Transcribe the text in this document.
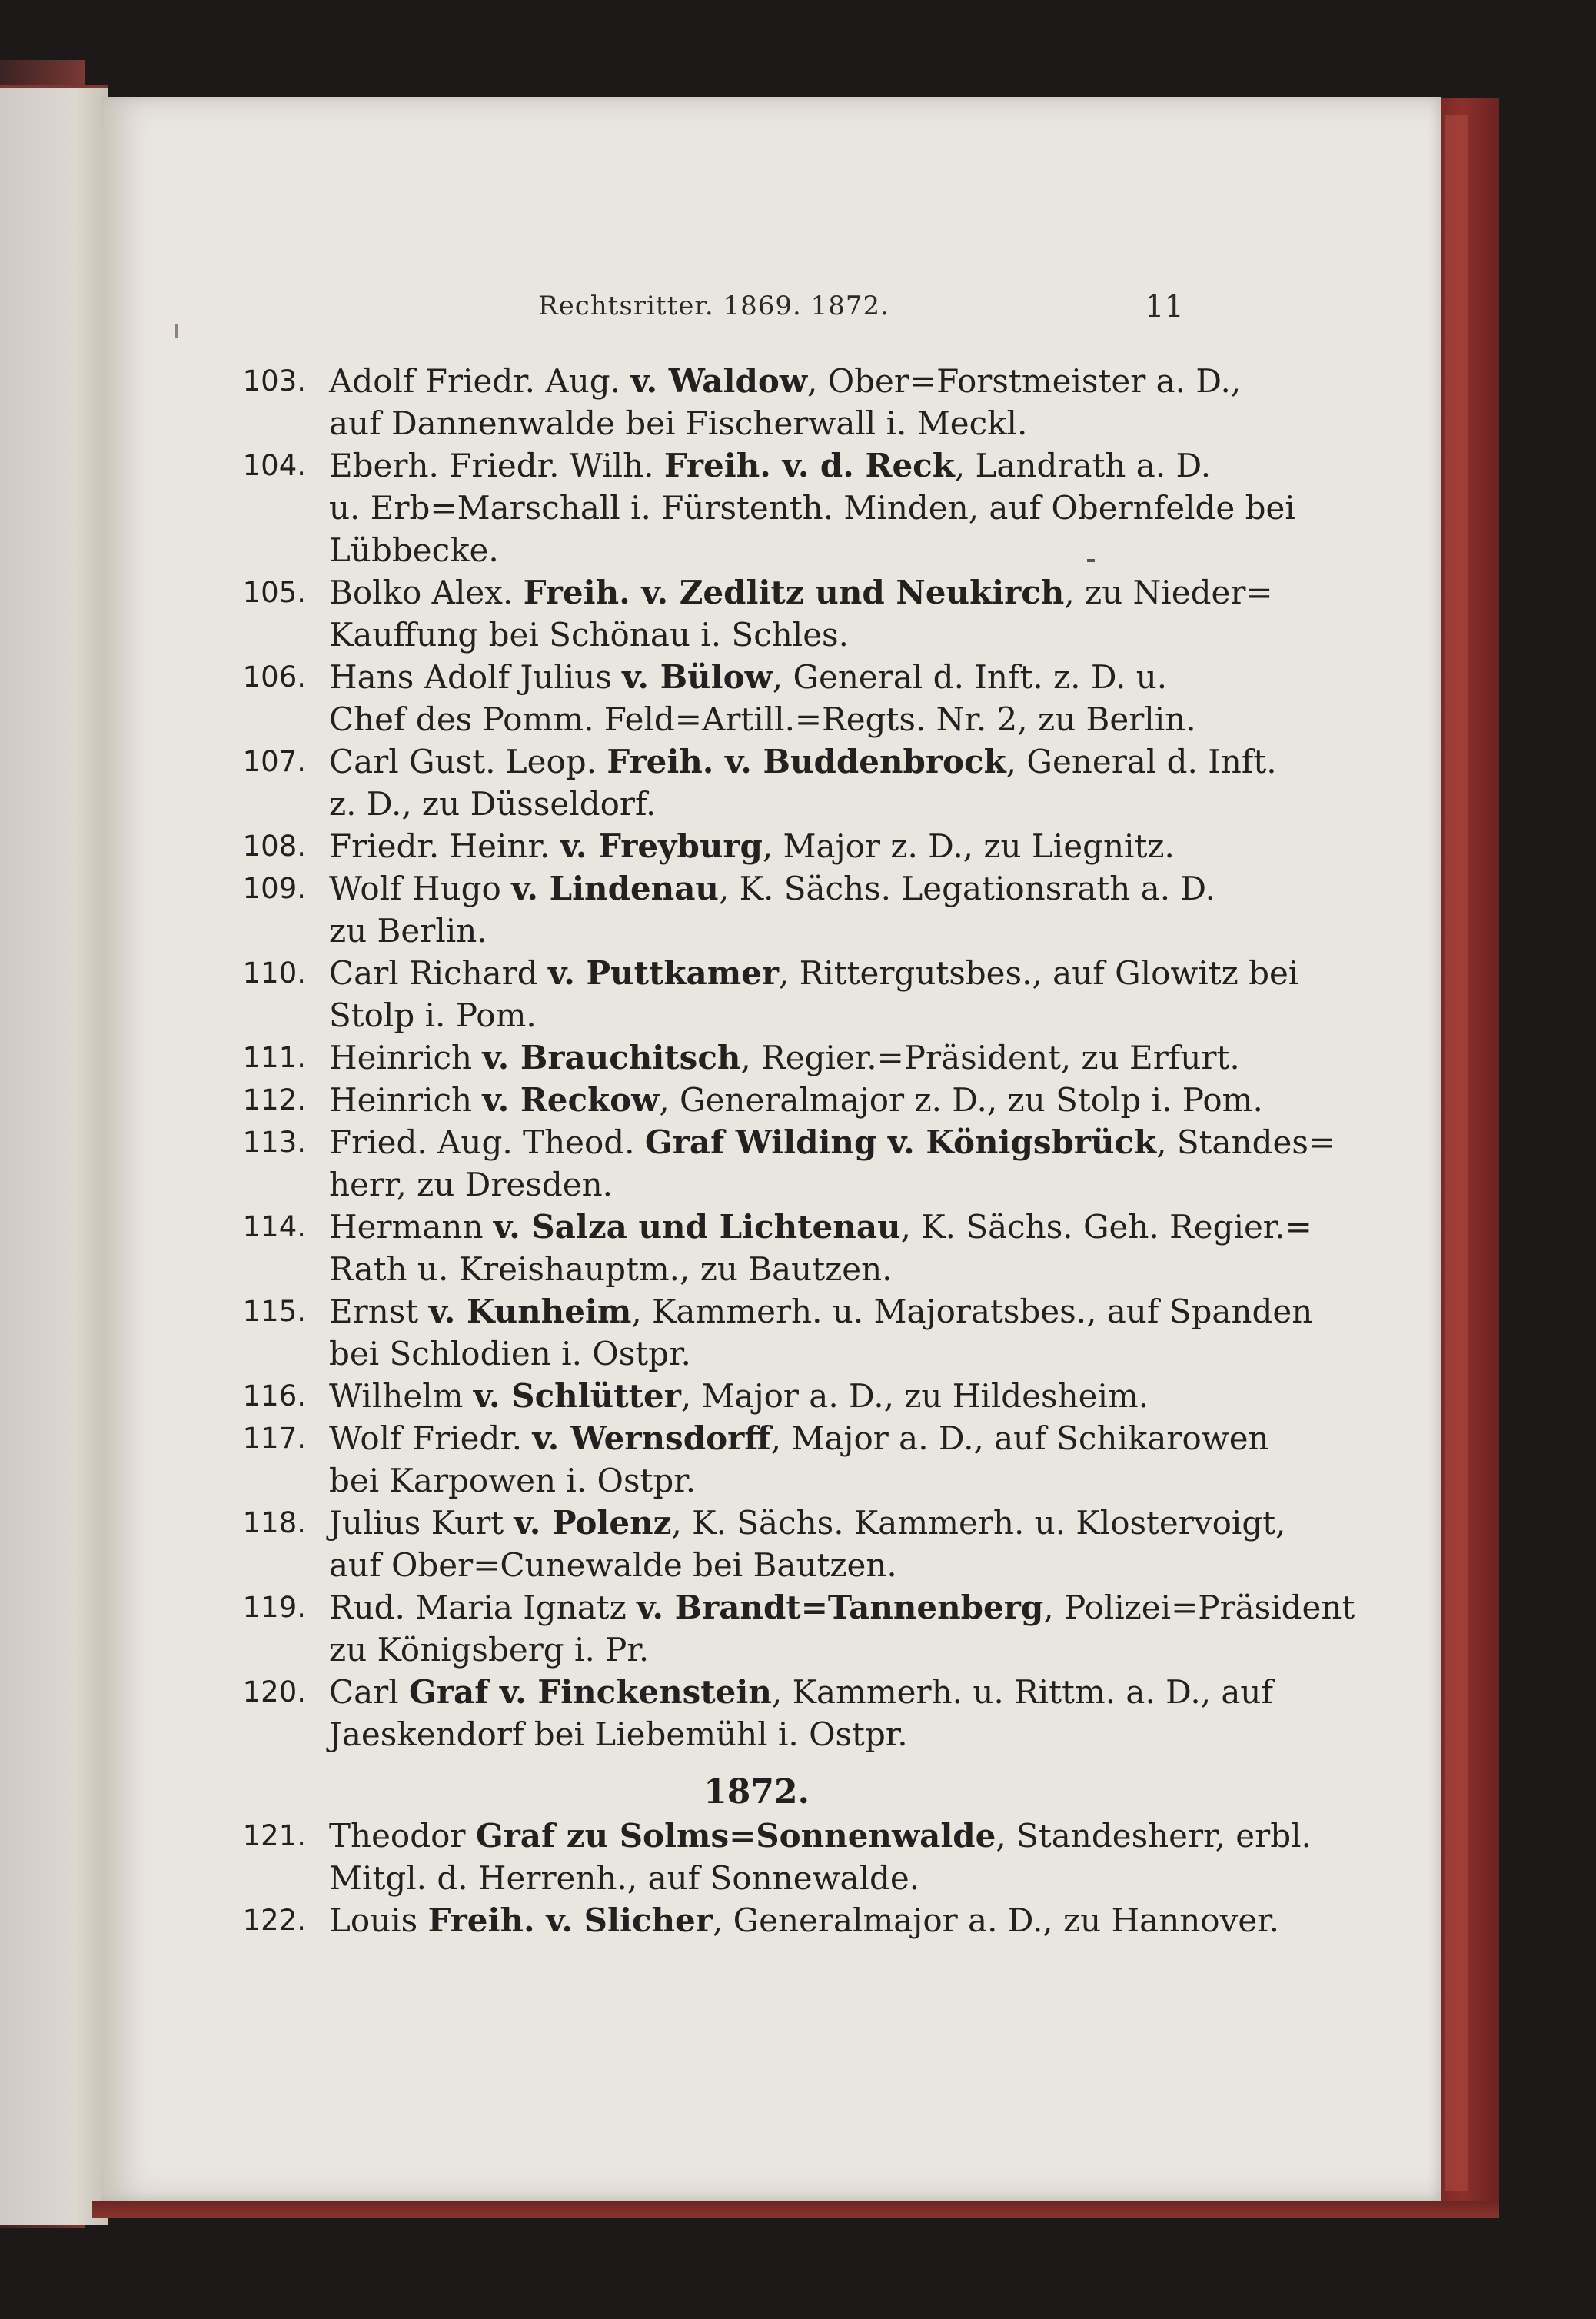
Rechtsritter. 1869. 1872.	11
103. Adolf Friedr. Aug. v. Waldow, Ober=Forstmeister a. D.,
auf Dannenwalde bei Fischerwall i. Meckl.
104. Eberh. Friedr. Wilh. Freih. v. d. Reck, Landrath a. D.
u. Erb=Marschall i. Fürstenth. Minden, auf Obernfelde bei
Lübbecke.
105. Bolko Alex. Freih. v. Zedlitz und Neukirch, zu Nieder=
Kauffung bei Schönau i. Schles.
106. Hans Adolf Julius v. Bülow, General d. Inft. z. D. u.
Chef des Pomm. Feld=Artill.=Regts. Nr. 2, zu Berlin.
107. Carl Gust. Leop. Freih. v. Buddenbrock, General d. Inft.
z. D., zu Düsseldorf.
108. Friedr. Heinr. v. Freyburg, Major z. D., zu Liegnitz.
109. Wolf Hugo v. Lindenau, K. Sächs. Legationsrath a. D.
zu Berlin.
110. Carl Richard v. Puttkamer, Rittergutsbes., auf Glowitz bei
Stolp i. Pom.
111. Heinrich v. Brauchitsch, Regier.=Präsident, zu Erfurt.
112. Heinrich v. Reckow, Generalmajor z. D., zu Stolp i. Pom.
113. Fried. Aug. Theod. Graf Wilding v. Königsbrück, Standes=
herr, zu Dresden.
114. Hermann v. Salza und Lichtenau, K. Sächs. Geh. Regier.=
Rath u. Kreishauptm., zu Bautzen.
115. Ernst v. Kunheim, Kammerh. u. Majoratsbes., auf Spanden
bei Schlodien i. Ostpr.
116. Wilhelm v. Schlütter, Major a. D., zu Hildesheim.
117. Wolf Friedr. v. Wernsdorff, Major a. D., auf Schikarowen
bei Karpowen i. Ostpr.
118. Julius Kurt v. Polenz, K. Sächs. Kammerh. u. Klostervoigt,
auf Ober=Cunewalde bei Bautzen.
119. Rud. Maria Ignatz v. Brandt=Tannenberg, Polizei=Präsident
zu Königsberg i. Pr.
120. Carl Graf v. Finckenstein, Kammerh. u. Rittm. a. D., auf
Jaeskendorf bei Liebemühl i. Ostpr.
1872.
121. Theodor Graf zu Solms=Sonnenwalde, Standesherr, erbl.
Mitgl. d. Herrenh., auf Sonnewalde.
122. Louis Freih. v. Slicher, Generalmajor a. D., zu Hannover.
